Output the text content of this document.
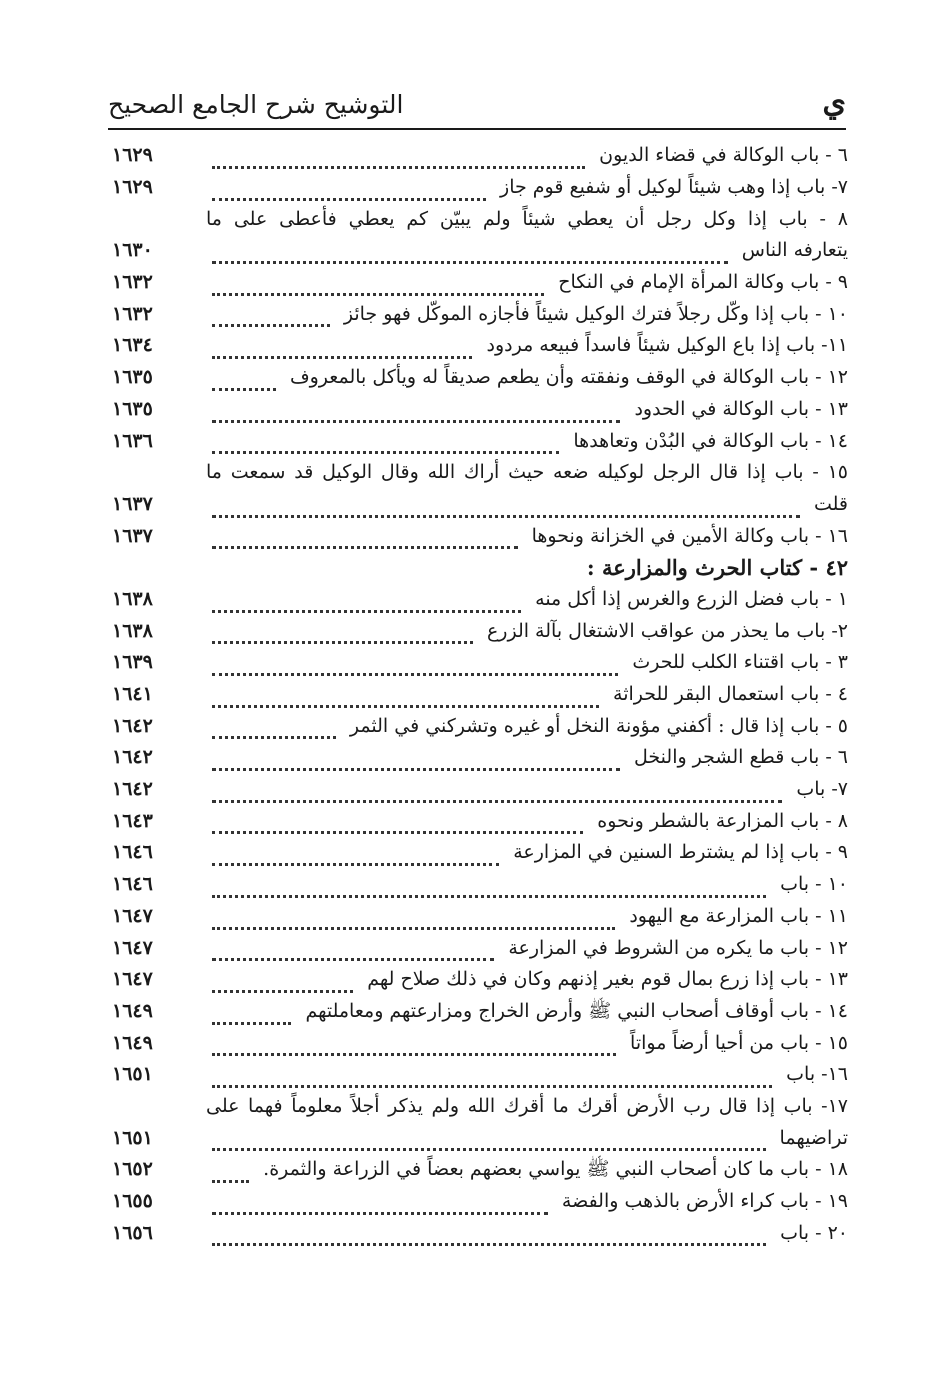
ي
التوشيح شرح الجامع الصحيح
٦ - باب الوكالة في قضاء الديون
١٦٢٩
٧- باب إذا وهب شيئاً لوكيل أو شفيع قوم جاز
١٦٢٩
٨ - باب إذا وكل رجل أن يعطي شيئاً ولم يبيّن كم يعطي فأعطى على ما
يتعارفه الناس
١٦٣٠
٩ - باب وكالة المرأة الإمام في النكاح
١٦٣٢
١٠ - باب إذا وكّل رجلاً فترك الوكيل شيئاً فأجازه الموكّل فهو جائز
١٦٣٢
١١- باب إذا باع الوكيل شيئاً فاسداً فبيعه مردود
١٦٣٤
١٢ - باب الوكالة في الوقف ونفقته وأن يطعم صديقاً له ويأكل بالمعروف
١٦٣٥
١٣ - باب الوكالة في الحدود
١٦٣٥
١٤ - باب الوكالة في البُدْن وتعاهدها
١٦٣٦
١٥ - باب إذا قال الرجل لوكيله ضعه حيث أراك الله وقال الوكيل قد سمعت ما
قلت
١٦٣٧
١٦ - باب وكالة الأمين في الخزانة ونحوها
١٦٣٧
٤٢ - كتاب الحرث والمزارعة :
١ - باب فضل الزرع والغرس إذا أكل منه
١٦٣٨
٢- باب ما يحذر من عواقب الاشتغال بآلة الزرع
١٦٣٨
٣ - باب اقتناء الكلب للحرث
١٦٣٩
٤ - باب استعمال البقر للحراثة
١٦٤١
٥ - باب إذا قال : أكفني مؤونة النخل أو غيره وتشركني في الثمر
١٦٤٢
٦ - باب قطع الشجر والنخل
١٦٤٢
٧- باب
١٦٤٢
٨ - باب المزارعة بالشطر ونحوه
١٦٤٣
٩ - باب إذا لم يشترط السنين في المزارعة
١٦٤٦
١٠ - باب
١٦٤٦
١١ - باب المزارعة مع اليهود
١٦٤٧
١٢ - باب ما يكره من الشروط في المزارعة
١٦٤٧
١٣ - باب إذا زرع بمال قوم بغير إذنهم وكان في ذلك صلاح لهم
١٦٤٧
١٤ - باب أوقاف أصحاب النبي ﷺ وأرض الخراج ومزارعتهم ومعاملتهم
١٦٤٩
١٥ - باب من أحيا أرضاً مواتاً
١٦٤٩
١٦- باب
١٦٥١
١٧- باب إذا قال رب الأرض أقرك ما أقرك الله ولم يذكر أجلاً معلوماً فهما على
تراضيهما
١٦٥١
١٨ - باب ما كان أصحاب النبي ﷺ يواسي بعضهم بعضاً في الزراعة والثمرة.
١٦٥٢
١٩ - باب كراء الأرض بالذهب والفضة
١٦٥٥
٢٠ - باب
١٦٥٦
